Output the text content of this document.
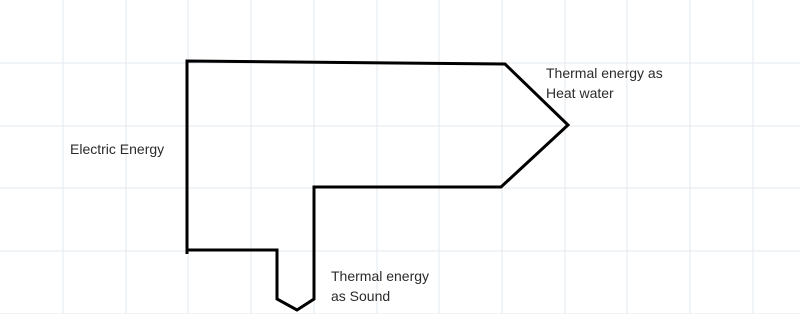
Electric Energy
Thermal energy as
Heat water
Thermal energy
as Sound
